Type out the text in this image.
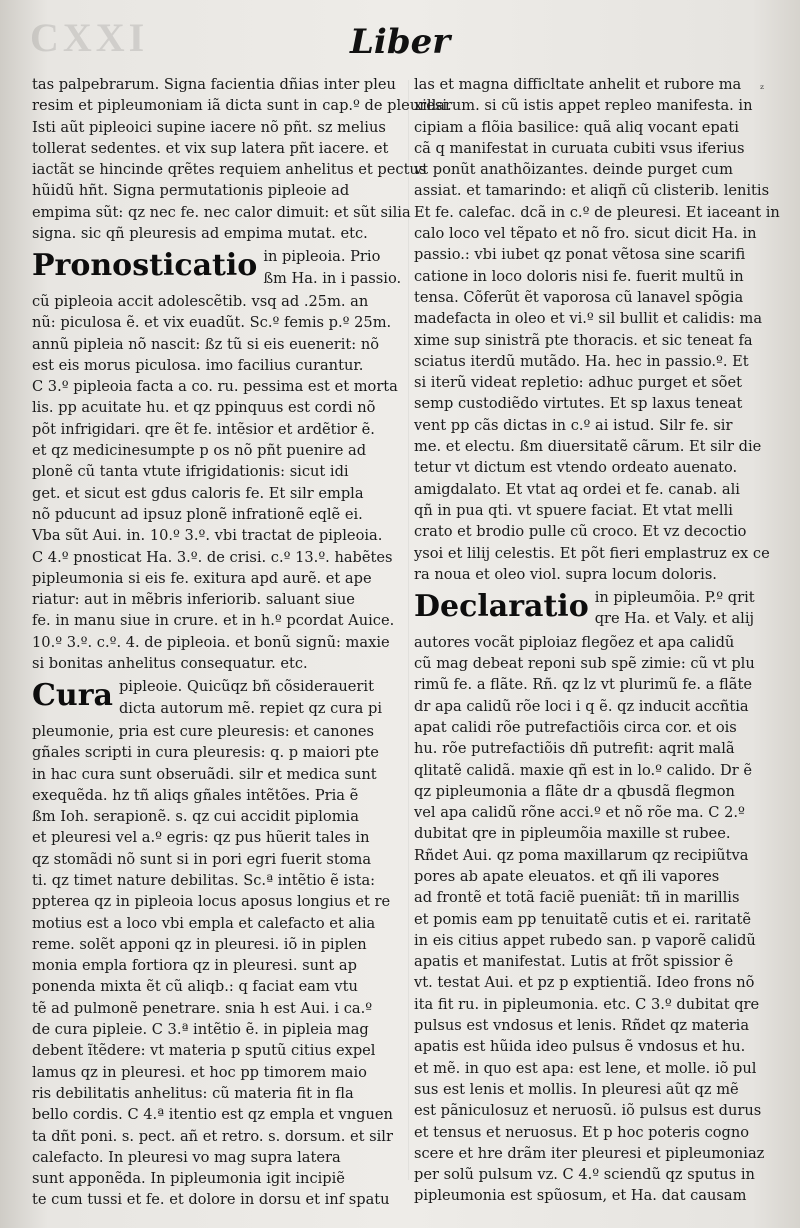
CXXI	Liber
ᶻ

tas palpebrarum. Signa facientia dñias inter pleu
resim et pipleumoniam iã dicta sunt in cap.º de pleuresi.
Isti aũt pipleoici supine iacere nõ pñt. sz melius
tollerat sedentes. et vix sup latera pñt iacere. et
iactãt se hincinde qrẽtes requiem anhelitus et pectus
hũidũ hñt. Signa permutationis pipleoie ad
empima sũt: qz nec fe. nec calor dimuit: et sũt silia
signa. sic qñ pleuresis ad empima mutat. etc.

Pronosticatio in pipleoia. Prio
ßm Ha. in i passio.

cũ pipleoia accit adolescẽtib. vsq ad .25m. an
nũ: piculosa ẽ. et vix euadũt. Sc.º femis p.º 25m.
annũ pipleia nõ nascit: ßz tũ si eis euenerit: nõ
est eis morus piculosa. imo facilius curantur.
C 3.º pipleoia facta a co. ru. pessima est et morta
lis. pp acuitate hu. et qz ppinquus est cordi nõ
põt infrigidari. qre ẽt fe. intẽsior et ardẽtior ẽ.
et qz medicinesumpte p os nõ pñt puenire ad
plonẽ cũ tanta vtute ifrigidationis: sicut idi
get. et sicut est gdus caloris fe. Et silr empla
nõ pducunt ad ipsuz plonẽ infrationẽ eqlẽ ei.
Vba sũt Aui. in. 10.º 3.º. vbi tractat de pipleoia.
C 4.º pnosticat Ha. 3.º. de crisi. c.º 13.º. habẽtes
pipleumonia si eis fe. exitura apd aurẽ. et ape
riatur: aut in mẽbris inferiorib. saluant siue
fe. in manu siue in crure. et in h.º pcordat Auice.
10.º 3.º. c.º. 4. de pipleoia. et bonũ signũ: maxie
si bonitas anhelitus consequatur. etc.

Cura pipleoie. Quicũqz bñ cõsiderauerit
dicta autorum mẽ. repiet qz cura pi

pleumonie, pria est cure pleuresis: et canones
gñales scripti in cura pleuresis: q. p maiori pte
in hac cura sunt obseruãdi. silr et medica sunt
exequẽda. hz tñ aliqs gñales intẽtões. Pria ẽ
ßm Ioh. serapionẽ. s. qz cui accidit piplomia
et pleuresi vel a.º egris: qz pus hũerit tales in
qz stomãdi nõ sunt si in pori egri fuerit stoma
ti. qz timet nature debilitas. Sc.ª intẽtio ẽ ista:
ppterea qz in pipleoia locus aposus longius et re
motius est a loco vbi empla et calefacto et alia
reme. solẽt apponi qz in pleuresi. iõ in piplen
monia empla fortiora qz in pleuresi. sunt ap
ponenda mixta ẽt cũ aliqb.: q faciat eam vtu
tẽ ad pulmonẽ penetrare. snia h est Aui. i ca.º
de cura pipleie. C 3.ª intẽtio ẽ. in pipleia mag
debent ĩtẽdere: vt materia p sputũ citius expel
lamus qz in pleuresi. et hoc pp timorem maio
ris debilitatis anhelitus: cũ materia fit in fla
bello cordis. C 4.ª itentio est qz empla et vnguen
ta dñt poni. s. pect. añ et retro. s. dorsum. et silr
calefacto. In pleuresi vo mag supra latera
sunt apponẽda. In pipleumonia igit incipiẽ
te cum tussi et fe. et dolore in dorsu et inf spatu

las et magna difficltate anhelit et rubore ma
xillarum. si cũ istis appet repleo manifesta. in
cipiam a flõia basilice: quã aliq vocant epati
cã q manifestat in curuata cubiti vsus iferius
vt ponũt anathõizantes. deinde purget cum
assiat. et tamarindo: et aliqñ cũ clisterib. lenitis
Et fe. calefac. dcã in c.º de pleuresi. Et iaceant in
calo loco vel tẽpato et nõ fro. sicut dicit Ha. in
passio.: vbi iubet qz ponat vẽtosa sine scarifi
catione in loco doloris nisi fe. fuerit multũ in
tensa. Cõferũt ẽt vaporosa cũ lanavel spõgia
madefacta in oleo et vi.º sil bullit et calidis: ma
xime sup sinistrã pte thoracis. et sic teneat fa
sciatus iterdũ mutãdo. Ha. hec in passio.º. Et
si iterũ videat repletio: adhuc purget et sõet
semp custodiẽdo virtutes. Et sp laxus teneat
vent pp cãs dictas in c.º ai istud. Silr fe. sir
me. et electu. ßm diuersitatẽ cãrum. Et silr die
tetur vt dictum est vtendo ordeato auenato.
amigdalato. Et vtat aq ordei et fe. canab. ali
qñ in pua qti. vt spuere faciat. Et vtat melli
crato et brodio pulle cũ croco. Et vz decoctio
ysoi et lilij celestis. Et põt fieri emplastruz ex ce
ra noua et oleo viol. supra locum doloris.

Declaratio in pipleumõia. P.º qrit
qre Ha. et Valy. et alij

autores vocãt piploiaz flegõez et apa calidũ
cũ mag debeat reponi sub spẽ zimie: cũ vt plu
rimũ fe. a flãte. Rñ. qz lz vt plurimũ fe. a flãte
dr apa calidũ rõe loci i q ẽ. qz inducit accñtia
apat calidi rõe putrefactiõis circa cor. et ois
hu. rõe putrefactiõis dñ putrefit: aqrit malã
qlitatẽ calidã. maxie qñ est in lo.º calido. Dr ẽ
qz pipleumonia a flãte dr a qbusdã flegmon
vel apa calidũ rõne acci.º et nõ rõe ma. C 2.º
dubitat qre in pipleumõia maxille st rubee.
Rñdet Aui. qz poma maxillarum qz recipiũtva
pores ab apate eleuatos. et qñ ili vapores
ad frontẽ et totã faciẽ pueniãt: tñ in marillis
et pomis eam pp tenuitatẽ cutis et ei. raritatẽ
in eis citius appet rubedo san. p vaporẽ calidũ
apatis et manifestat. Lutis at frõt spissior ẽ
vt. testat Aui. et pz p exptientiã. Ideo frons nõ
ita fit ru. in pipleumonia. etc. C 3.º dubitat qre
pulsus est vndosus et lenis. Rñdet qz materia
apatis est hũida ideo pulsus ẽ vndosus et hu.
et mẽ. in quo est apa: est lene, et molle. iõ pul
sus est lenis et mollis. In pleuresi aũt qz mẽ
est pãniculosuz et neruosũ. iõ pulsus est durus
et tensus et neruosus. Et p hoc poteris cogno
scere et hre drãm iter pleuresi et pipleumoniaz
per solũ pulsum vz. C 4.º sciendũ qz sputus in
pipleumonia est spũosum, et Ha. dat causam
